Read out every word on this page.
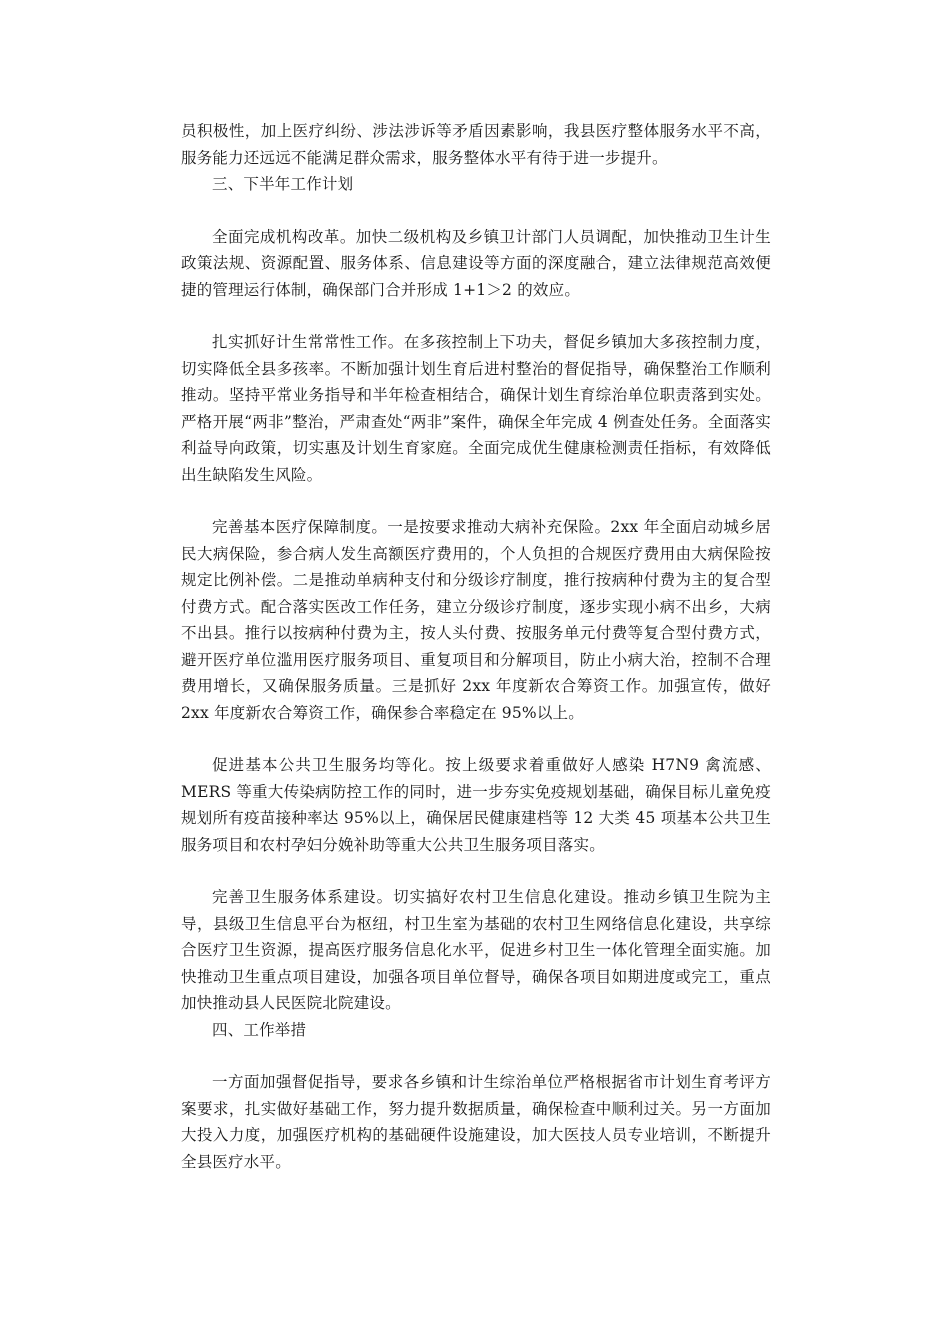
员积极性，加上医疗纠纷、涉法涉诉等矛盾因素影响，我县医疗整体服务水平不高，服务能力还远远不能满足群众需求，服务整体水平有待于进一步提升。

三、下半年工作计划

全面完成机构改革。加快二级机构及乡镇卫计部门人员调配，加快推动卫生计生政策法规、资源配置、服务体系、信息建设等方面的深度融合，建立法律规范高效便捷的管理运行体制，确保部门合并形成 1+1＞2 的效应。

扎实抓好计生常常性工作。在多孩控制上下功夫，督促乡镇加大多孩控制力度，切实降低全县多孩率。不断加强计划生育后进村整治的督促指导，确保整治工作顺利推动。坚持平常业务指导和半年检查相结合，确保计划生育综治单位职责落到实处。严格开展“两非”整治，严肃查处“两非”案件，确保全年完成 4 例查处任务。全面落实利益导向政策，切实惠及计划生育家庭。全面完成优生健康检测责任指标，有效降低出生缺陷发生风险。

完善基本医疗保障制度。一是按要求推动大病补充保险。2xx 年全面启动城乡居民大病保险，参合病人发生高额医疗费用的，个人负担的合规医疗费用由大病保险按规定比例补偿。二是推动单病种支付和分级诊疗制度，推行按病种付费为主的复合型付费方式。配合落实医改工作任务，建立分级诊疗制度，逐步实现小病不出乡，大病不出县。推行以按病种付费为主，按人头付费、按服务单元付费等复合型付费方式，避开医疗单位滥用医疗服务项目、重复项目和分解项目，防止小病大治，控制不合理费用增长，又确保服务质量。三是抓好 2xx 年度新农合筹资工作。加强宣传，做好 2xx 年度新农合筹资工作，确保参合率稳定在 95%以上。

促进基本公共卫生服务均等化。按上级要求着重做好人感染 H7N9 禽流感、MERS 等重大传染病防控工作的同时，进一步夯实免疫规划基础，确保目标儿童免疫规划所有疫苗接种率达 95%以上，确保居民健康建档等 12 大类 45 项基本公共卫生服务项目和农村孕妇分娩补助等重大公共卫生服务项目落实。

完善卫生服务体系建设。切实搞好农村卫生信息化建设。推动乡镇卫生院为主导，县级卫生信息平台为枢纽，村卫生室为基础的农村卫生网络信息化建设，共享综合医疗卫生资源，提高医疗服务信息化水平，促进乡村卫生一体化管理全面实施。加快推动卫生重点项目建设，加强各项目单位督导，确保各项目如期进度或完工，重点加快推动县人民医院北院建设。

四、工作举措

一方面加强督促指导，要求各乡镇和计生综治单位严格根据省市计划生育考评方案要求，扎实做好基础工作，努力提升数据质量，确保检查中顺利过关。另一方面加大投入力度，加强医疗机构的基础硬件设施建设，加大医技人员专业培训，不断提升全县医疗水平。
